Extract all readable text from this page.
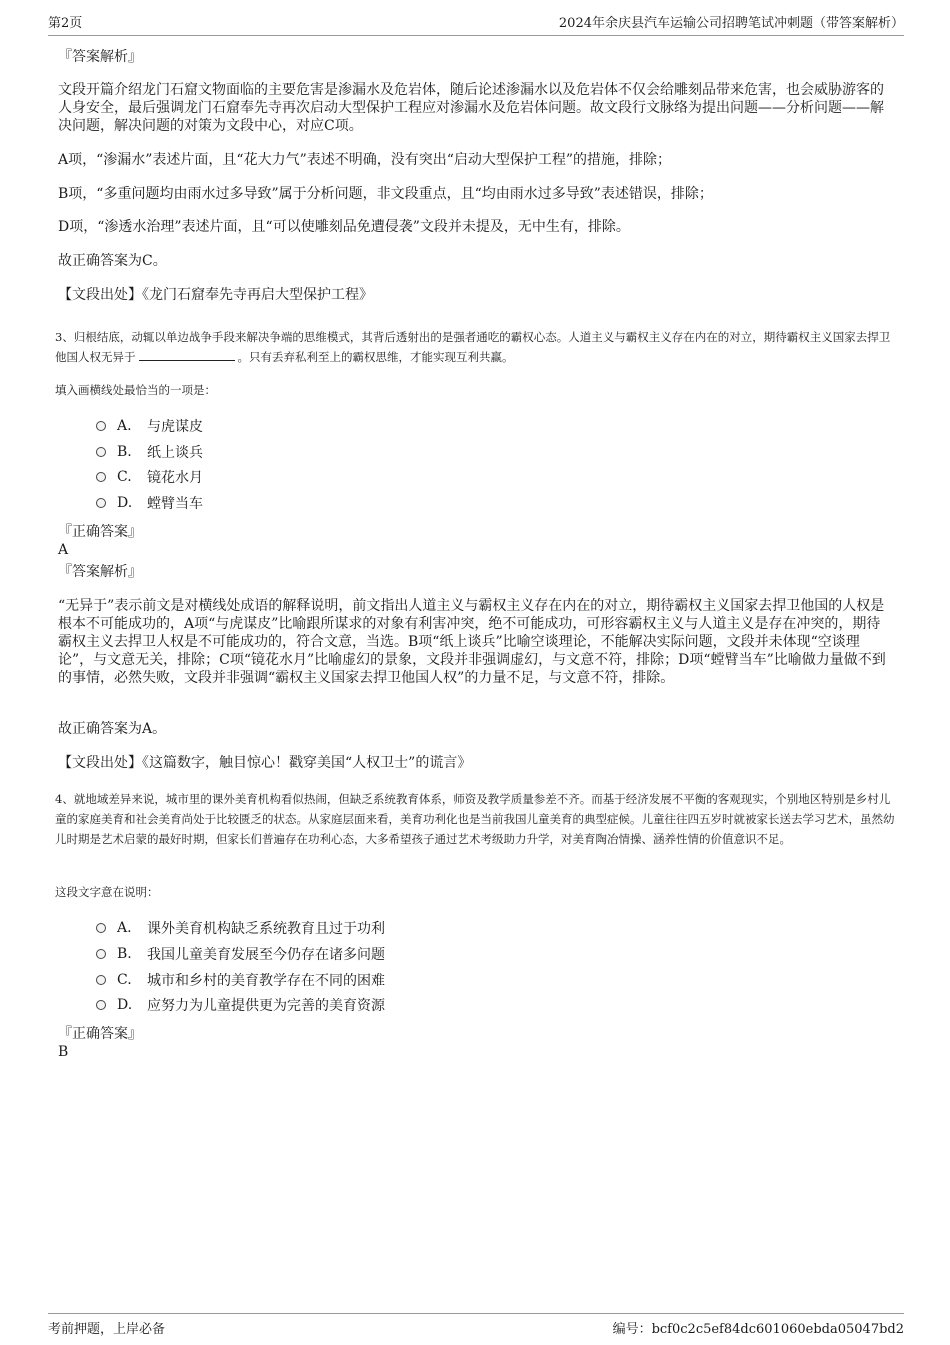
第2页	2024年余庆县汽车运输公司招聘笔试冲刺题（带答案解析）
『答案解析』
文段开篇介绍龙门石窟文物面临的主要危害是渗漏水及危岩体，随后论述渗漏水以及危岩体不仅会给雕刻品带来危害，也会威胁游客的人身安全，最后强调龙门石窟奉先寺再次启动大型保护工程应对渗漏水及危岩体问题。故文段行文脉络为提出问题——分析问题——解决问题，解决问题的对策为文段中心，对应C项。
A项，“渗漏水”表述片面，且“花大力气”表述不明确，没有突出“启动大型保护工程”的措施，排除；
B项，“多重问题均由雨水过多导致”属于分析问题，非文段重点，且“均由雨水过多导致”表述错误，排除；
D项，“渗透水治理”表述片面，且“可以使雕刻品免遭侵袭”文段并未提及，无中生有，排除。
故正确答案为C。
【文段出处】《龙门石窟奉先寺再启大型保护工程》
3、归根结底，动辄以单边战争手段来解决争端的思维模式，其背后透射出的是强者通吃的霸权心态。人道主义与霸权主义存在内在的对立，期待霸权主义国家去捍卫他国人权无异于	。只有丢弃私利至上的霸权思维，才能实现互利共赢。
填入画横线处最恰当的一项是：
A.	与虎谋皮
B.	纸上谈兵
C.	镜花水月
D.	螳臂当车
『正确答案』
A
『答案解析』
“无异于”表示前文是对横线处成语的解释说明，前文指出人道主义与霸权主义存在内在的对立，期待霸权主义国家去捍卫他国的人权是根本不可能成功的，A项“与虎谋皮”比喻跟所谋求的对象有利害冲突，绝不可能成功，可形容霸权主义与人道主义是存在冲突的，期待霸权主义去捍卫人权是不可能成功的，符合文意，当选。B项“纸上谈兵”比喻空谈理论，不能解决实际问题，文段并未体现“空谈理论”，与文意无关，排除；C项“镜花水月”比喻虚幻的景象，文段并非强调虚幻，与文意不符，排除；D项“螳臂当车”比喻做力量做不到的事情，必然失败，文段并非强调“霸权主义国家去捍卫他国人权”的力量不足，与文意不符，排除。
故正确答案为A。
【文段出处】《这篇数字，触目惊心！戳穿美国“人权卫士”的谎言》
4、就地域差异来说，城市里的课外美育机构看似热闹，但缺乏系统教育体系，师资及教学质量参差不齐。而基于经济发展不平衡的客观现实，个别地区特别是乡村儿童的家庭美育和社会美育尚处于比较匮乏的状态。从家庭层面来看，美育功利化也是当前我国儿童美育的典型症候。儿童往往四五岁时就被家长送去学习艺术，虽然幼儿时期是艺术启蒙的最好时期，但家长们普遍存在功利心态，大多希望孩子通过艺术考级助力升学，对美育陶冶情操、涵养性情的价值意识不足。
这段文字意在说明：
A.	课外美育机构缺乏系统教育且过于功利
B.	我国儿童美育发展至今仍存在诸多问题
C.	城市和乡村的美育教学存在不同的困难
D.	应努力为儿童提供更为完善的美育资源
『正确答案』
B
考前押题，上岸必备	编号：bcf0c2c5ef84dc601060ebda05047bd2
